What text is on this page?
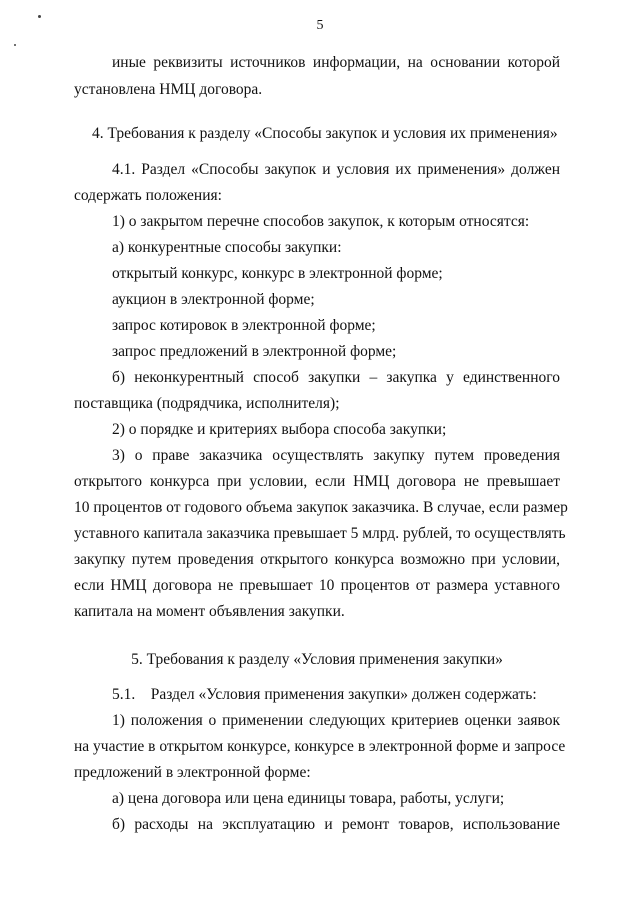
5
иные реквизиты источников информации, на основании которой
установлена НМЦ договора.
4. Требования к разделу «Способы закупок и условия их применения»
4.1. Раздел «Способы закупок и условия их применения» должен
содержать положения:
1) о закрытом перечне способов закупок, к которым относятся:
а) конкурентные способы закупки:
открытый конкурс, конкурс в электронной форме;
аукцион в электронной форме;
запрос котировок в электронной форме;
запрос предложений в электронной форме;
б) неконкурентный способ закупки – закупка у единственного
поставщика (подрядчика, исполнителя);
2) о порядке и критериях выбора способа закупки;
3) о праве заказчика осуществлять закупку путем проведения
открытого конкурса при условии, если НМЦ договора не превышает
10 процентов от годового объема закупок заказчика. В случае, если размер
уставного капитала заказчика превышает 5 млрд. рублей, то осуществлять
закупку путем проведения открытого конкурса возможно при условии,
если НМЦ договора не превышает 10 процентов от размера уставного
капитала на момент объявления закупки.
5. Требования к разделу «Условия применения закупки»
5.1.    Раздел «Условия применения закупки» должен содержать:
1) положения о применении следующих критериев оценки заявок
на участие в открытом конкурсе, конкурсе в электронной форме и запросе
предложений в электронной форме:
а) цена договора или цена единицы товара, работы, услуги;
б) расходы на эксплуатацию и ремонт товаров, использование
